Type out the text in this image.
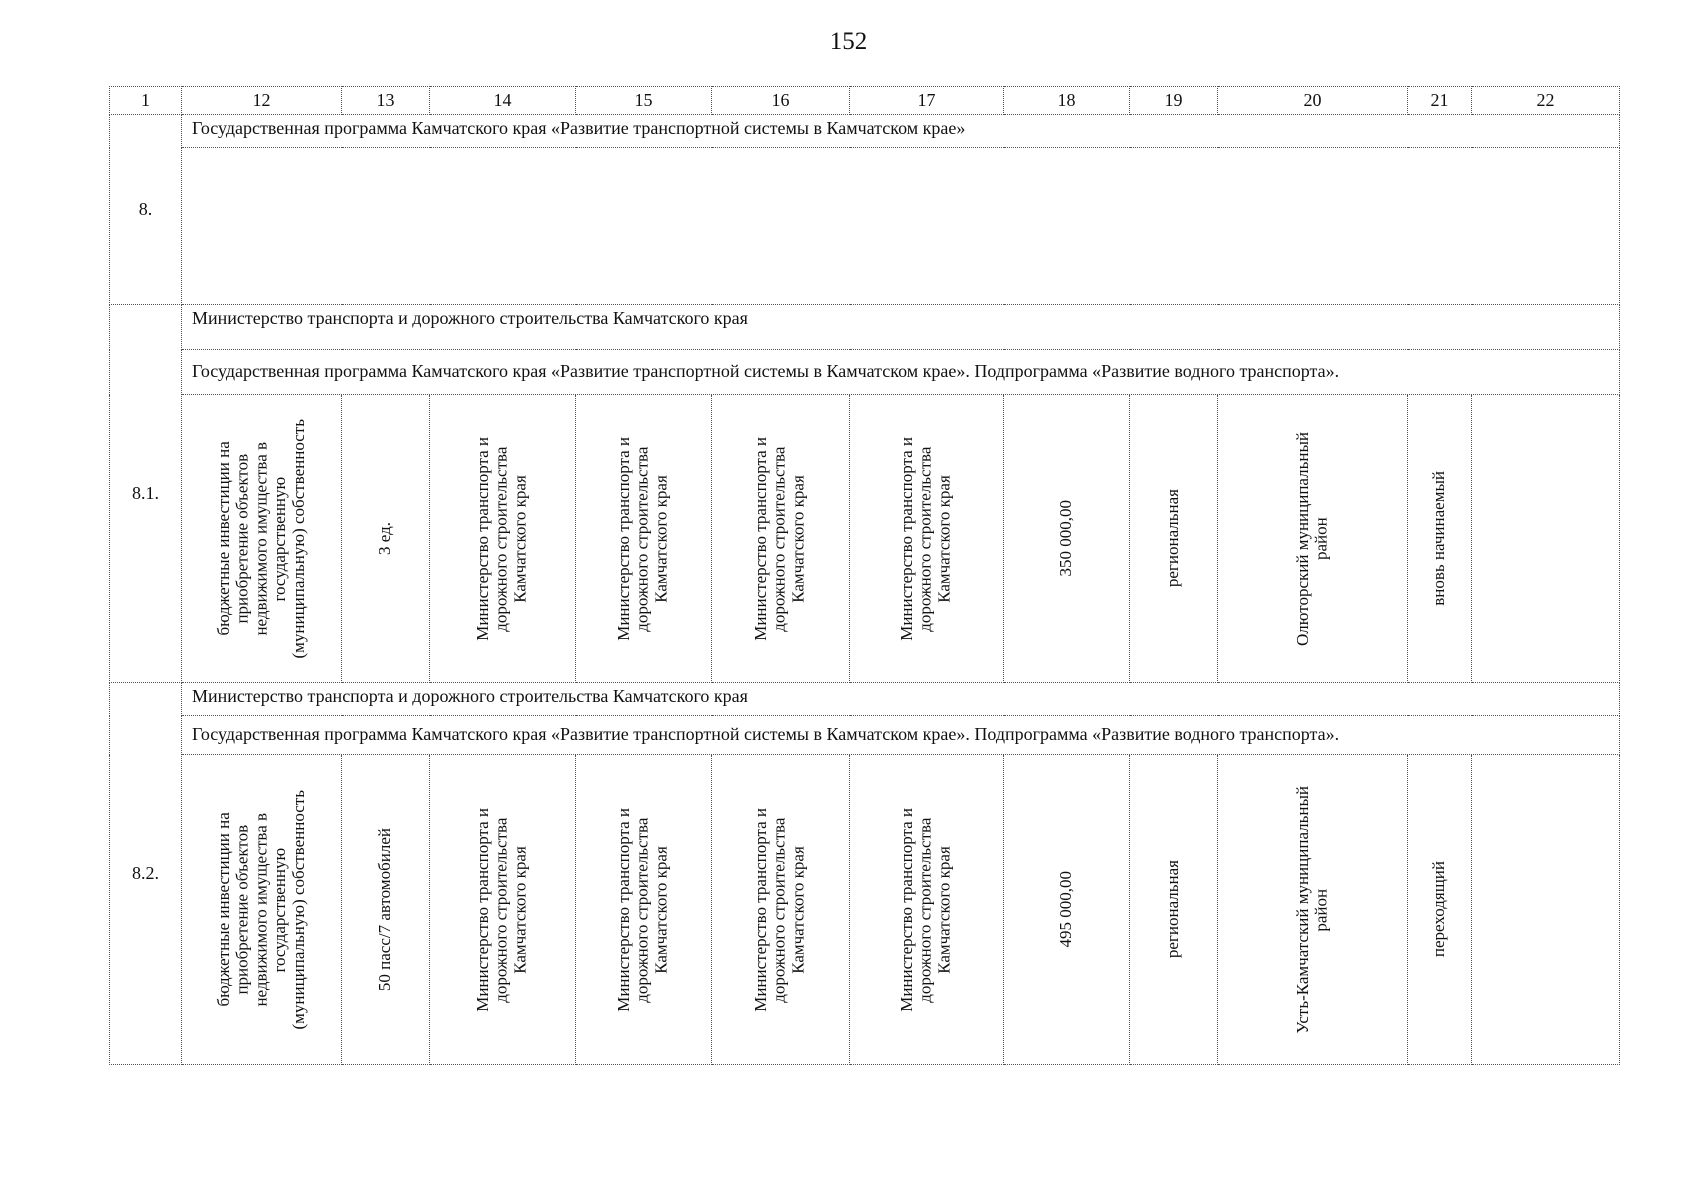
152
1	12	13	14	15	16	17	18	19	20	21	22
8.	Государственная программа Камчатского края «Развитие транспортной системы в Камчатском крае»										

8.1.	Министерство транспорта и дорожного строительства Камчатского края										
	Государственная программа Камчатского края «Развитие транспортной системы в Камчатском крае». Подпрограмма «Развитие водного транспорта».										

	бюджетные инвестиции на
приобретение объектов
недвижимого имущества в
государственную
(муниципальную) собственность	3 ед.	Министерство транспорта и
дорожного строительства
Камчатского края	Министерство транспорта и
дорожного строительства
Камчатского края	Министерство транспорта и
дорожного строительства
Камчатского края	Министерство транспорта и
дорожного строительства
Камчатского края	350 000,00	региональная	Олюторский муниципальный
район	вновь начинаемый	

8.2.	Министерство транспорта и дорожного строительства Камчатского края										
	Государственная программа Камчатского края «Развитие транспортной системы в Камчатском крае». Подпрограмма «Развитие водного транспорта».										

	бюджетные инвестиции на
приобретение объектов
недвижимого имущества в
государственную
(муниципальную) собственность	50 пасс/7 автомобилей	Министерство транспорта и
дорожного строительства
Камчатского края	Министерство транспорта и
дорожного строительства
Камчатского края	Министерство транспорта и
дорожного строительства
Камчатского края	Министерство транспорта и
дорожного строительства
Камчатского края	495 000,00	региональная	Усть-Камчатский муниципальный
район	переходящий	
